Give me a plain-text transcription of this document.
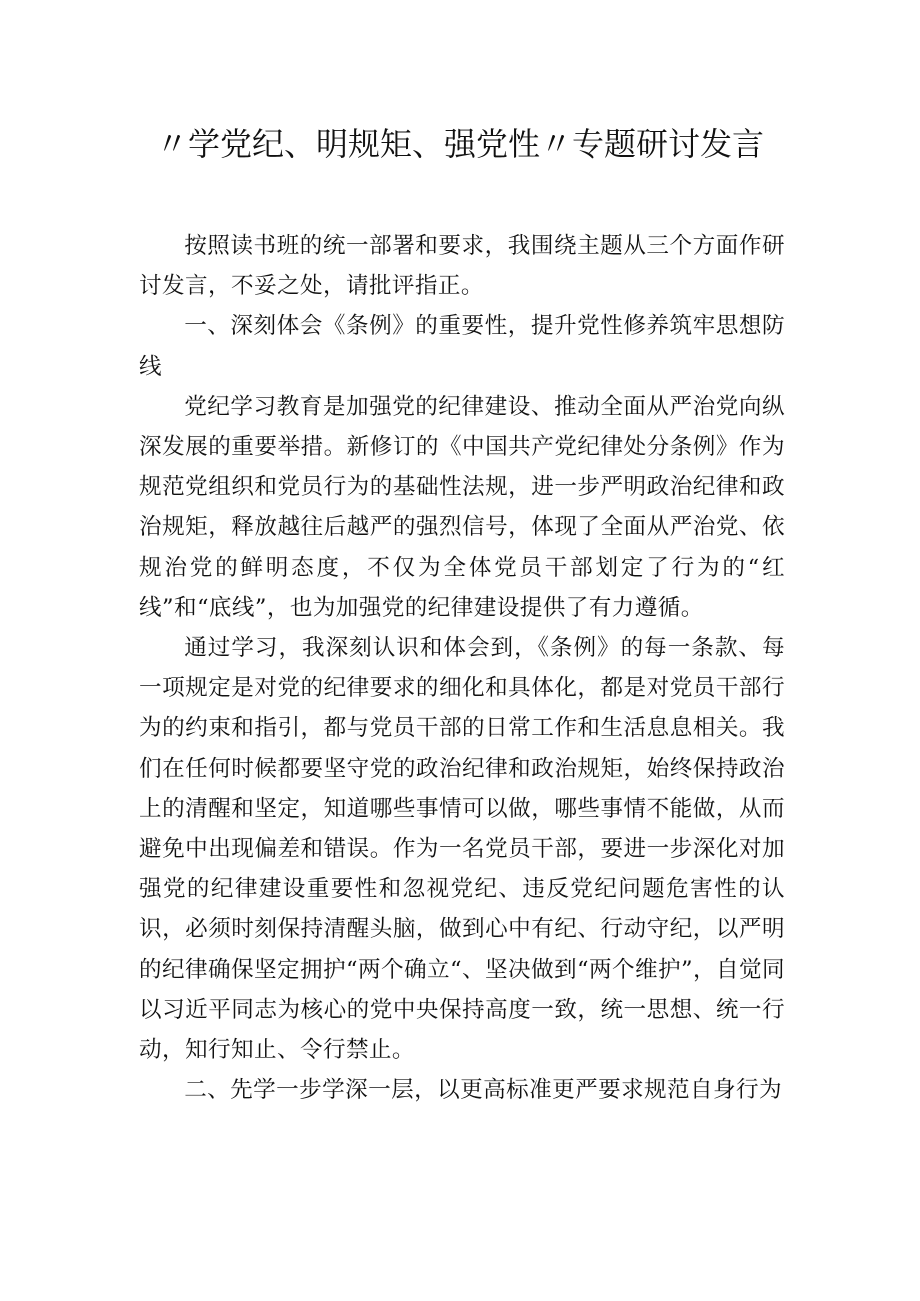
〃学党纪、明规矩、强党性〃专题研讨发言

按照读书班的统一部署和要求，我围绕主题从三个方面作研讨发言，不妥之处，请批评指正。

一、深刻体会《条例》的重要性，提升党性修养筑牢思想防线

党纪学习教育是加强党的纪律建设、推动全面从严治党向纵深发展的重要举措。新修订的《中国共产党纪律处分条例》作为规范党组织和党员行为的基础性法规，进一步严明政治纪律和政治规矩，释放越往后越严的强烈信号，体现了全面从严治党、依规治党的鲜明态度，不仅为全体党员干部划定了行为的“红线”和“底线”，也为加强党的纪律建设提供了有力遵循。

通过学习，我深刻认识和体会到，《条例》的每一条款、每一项规定是对党的纪律要求的细化和具体化，都是对党员干部行为的约束和指引，都与党员干部的日常工作和生活息息相关。我们在任何时候都要坚守党的政治纪律和政治规矩，始终保持政治上的清醒和坚定，知道哪些事情可以做，哪些事情不能做，从而避免中出现偏差和错误。作为一名党员干部，要进一步深化对加强党的纪律建设重要性和忽视党纪、违反党纪问题危害性的认识，必须时刻保持清醒头脑，做到心中有纪、行动守纪，以严明的纪律确保坚定拥护“两个确立“、坚决做到“两个维护”，自觉同以习近平同志为核心的党中央保持高度一致，统一思想、统一行动，知行知止、令行禁止。

二、先学一步学深一层，以更高标准更严要求规范自身行为
